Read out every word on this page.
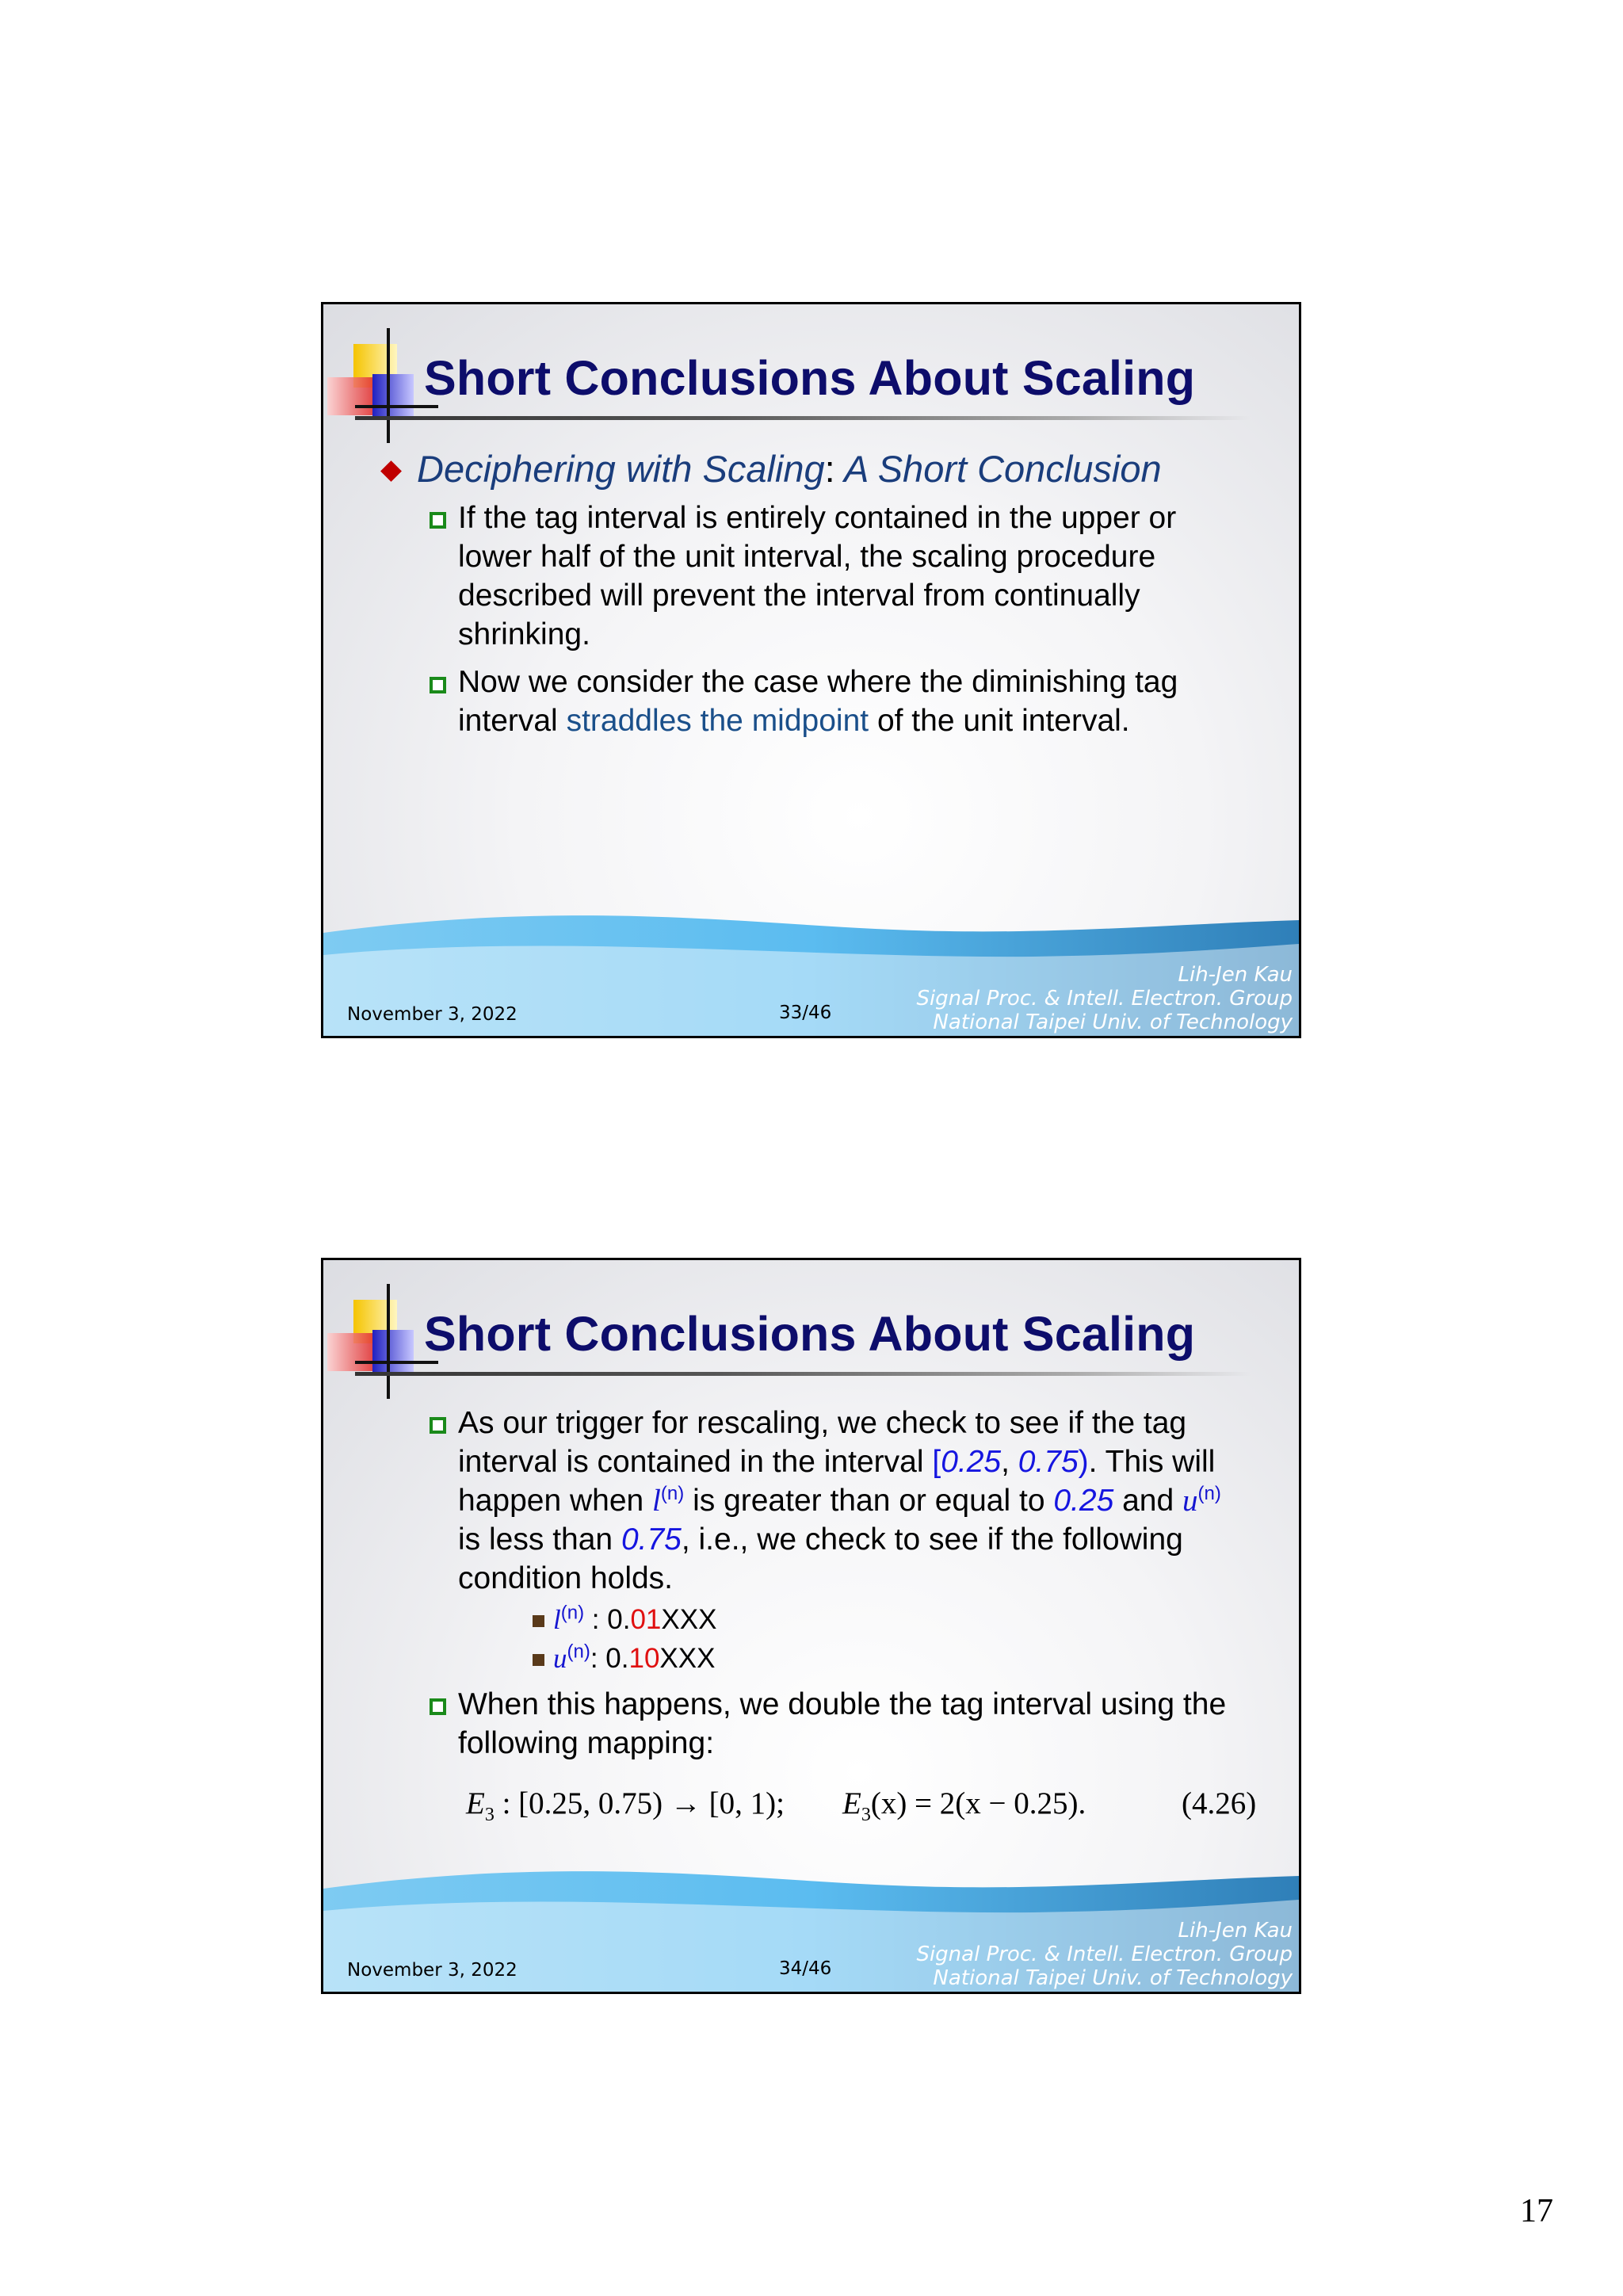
Short Conclusions About Scaling
Deciphering with Scaling: A Short Conclusion

If the tag interval is entirely contained in the upper or

lower half of the unit interval, the scaling procedure

described will prevent the interval from continually

shrinking.

Now we consider the case where the diminishing tag

interval straddles the midpoint of the unit interval.

November 3, 2022	33/46
Lih-Jen Kau
Signal Proc. & Intell. Electron. Group
National Taipei Univ. of Technology
Short Conclusions About Scaling

As our trigger for rescaling, we check to see if the tag

interval is contained in the interval [0.25, 0.75). This will

happen when $l^{(n)}$ is greater than or equal to 0.25 and $u^{(n)}$

is less than 0.75, i.e., we check to see if the following

condition holds.

$l^{(n)}$ : 0.01XXX
$u^{(n)}$: 0.10XXX

When this happens, we double the tag interval using the

following mapping:

$E_3$ : [0.25, 0.75) → [0, 1); $E_3(x) = 2(x - 0.25)$.	(4.26)
November 3, 2022	34/46
Lih-Jen Kau
Signal Proc. & Intell. Electron. Group
National Taipei Univ. of Technology
17
